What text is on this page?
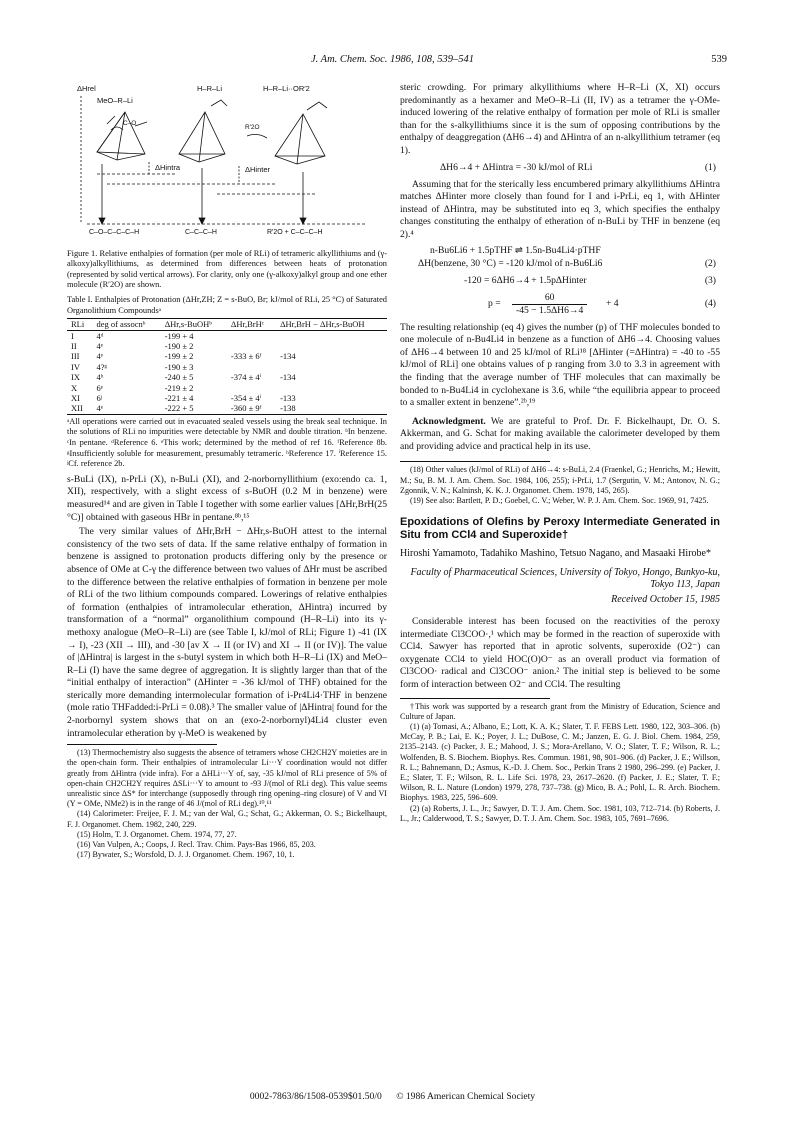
J. Am. Chem. Soc. 1986, 108, 539–541	539
ΔHrel
MeO–R–Li
H–R–Li	H–R–Li··OR′2
C–O
R′2O
ΔHintra	ΔHinter
C–O–C–C–C–H	C–C–C–H	R′2O + C–C–C–H

Figure 1. Relative enthalpies of formation (per mole of RLi) of tetrameric alkyllithiums and (γ-alkoxy)alkyllithiums, as determined from differences between heats of protonation (represented by solid vertical arrows). For clarity, only one (γ-alkoxy)alkyl group and one ether molecule (R′2O) are shown.

Table I. Enthalpies of Protonation (ΔHr,ZH; Z = s-BuO, Br; kJ/mol of RLi, 25 °C) of Saturated Organolithium Compoundsᵃ

RLi	deg of assocnᵇ	ΔHr,s-BuOHᵇ	ΔHr,BrHᶜ	ΔHr,BrH − ΔHr,s-BuOH
I	4ᵈ	-199 + 4		
II	4ᵉ	-190 ± 2		
III	4ᵉ	-199 ± 2	-333 ± 6ᶠ	-134
IV	4?ᵍ	-190 ± 3		
IX	4ʰ	-240 ± 5	-374 ± 4ⁱ	-134
X	6ᵉ	-219 ± 2		
XI	6ʲ	-221 ± 4	-354 ± 4ⁱ	-133
XII	4ᵉ	-222 + 5	-360 ± 9ᶠ	-138

ᵃAll operations were carried out in evacuated sealed vessels using the break seal technique. In the solutions of RLi no impurities were detectable by NMR and double titration. ᵇIn benzene. ᶜIn pentane. ᵈReference 6. ᵉThis work; determined by the method of ref 16. ᶠReference 8b. ᵍInsufficiently soluble for measurement, presumably tetrameric. ʰReference 17. ⁱReference 15. ʲCf. reference 2b.

s-BuLi (IX), n-PrLi (X), n-BuLi (XI), and 2-norbornyllithium (exo:endo ca. 1, XII), respectively, with a slight excess of s-BuOH (0.2 M in benzene) were measured¹⁴ and are given in Table I together with some earlier values [ΔHr,BrH(25 °C)] obtained with gaseous HBr in pentane.⁸ᵇ,¹⁵

The very similar values of ΔHr,BrH − ΔHr,s-BuOH attest to the internal consistency of the two sets of data. If the same relative enthalpy of formation in benzene is assigned to protonation products differing only by the presence or absence of OMe at C-γ the difference between two values of ΔHr must be ascribed to the difference between the relative enthalpies of formation in benzene per mole of RLi of the two lithium compounds compared. Lowerings of relative enthalpies of formation (enthalpies of intramolecular etheration, ΔHintra) incurred by transformation of a “normal” organolithium compound (H–R–Li) into its γ-methoxy analogue (MeO–R–Li) are (see Table I, kJ/mol of RLi; Figure 1) -41 (IX → I), -23 (XII → III), and -30 [av X → II (or IV) and XI → II (or IV)]. The value of |ΔHintra| is largest in the s-butyl system in which both H–R–Li (IX) and MeO–R–Li (I) have the same degree of aggregation. It is slightly larger than that of the “initial enthalpy of interaction” (ΔHinter = -36 kJ/mol of THF) obtained for the sterically more demanding intermolecular formation of i-Pr4Li4·THF in benzene (mole ratio THFadded:i-PrLi = 0.08).³ The smaller value of |ΔHintra| found for the 2-norbornyl system shows that on an (exo-2-norbornyl)4Li4 cluster even intramolecular etheration by γ-MeO is weakened by

(13) Thermochemistry also suggests the absence of tetramers whose CH2CH2Y moieties are in the open-chain form. Their enthalpies of intramolecular Li···Y coordination would not differ greatly from ΔHintra (vide infra). For a ΔHLi···Y of, say, -35 kJ/mol of RLi presence of 5% of open-chain CH2CH2Y requires ΔSLi···Y to amount to -93 J/(mol of RLi deg). This value seems unrealistic since ΔS* for interchange (supposedly through ring opening–ring closure) of V and VI (Y = OMe, NMe2) is in the range of 46 J/(mol of RLi deg).¹⁰,¹¹

(14) Calorimeter: Freijee, F. J. M.; van der Wal, G.; Schat, G.; Akkerman, O. S.; Bickelhaupt, F. J. Organomet. Chem. 1982, 240, 229.

(15) Holm, T. J. Organomet. Chem. 1974, 77, 27.

(16) Van Vulpen, A.; Coops, J. Recl. Trav. Chim. Pays-Bas 1966, 85, 203.

(17) Bywater, S.; Worsfold, D. J. J. Organomet. Chem. 1967, 10, 1.

steric crowding. For primary alkyllithiums where H–R–Li (X, XI) occurs predominantly as a hexamer and MeO–R–Li (II, IV) as a tetramer the γ-OMe-induced lowering of the relative enthalpy of formation per mole of RLi is smaller than for the s-alkyllithiums since it is the sum of opposing contributions by the enthalpy of deaggregation (ΔH6→4) and ΔHintra of an n-alkyllithium tetramer (eq 1).

ΔH6→4 + ΔHintra = -30 kJ/mol of RLi	(1)

Assuming that for the sterically less encumbered primary alkyllithiums ΔHintra matches ΔHinter more closely than found for I and i-PrLi, eq 1, with ΔHinter instead of ΔHintra, may be substituted into eq 3, which specifies the enthalpy changes constituting the enthalpy of etheration of n-BuLi by THF in benzene (eq 2).⁴

n-Bu6Li6 + 1.5pTHF ⇌ 1.5n-Bu4Li4·pTHF
ΔH(benzene, 30 °C) = -120 kJ/mol of n-Bu6Li6	(2)
-120 = 6ΔH6→4 + 1.5pΔHinter	(3)
$p = \frac{60}{-45 - 1.5\Delta H6\to 4} + 4$	(4)

The resulting relationship (eq 4) gives the number (p) of THF molecules bonded to one molecule of n-Bu4Li4 in benzene as a function of ΔH6→4. Choosing values of ΔH6→4 between 10 and 25 kJ/mol of RLi¹⁸ [ΔHinter (=ΔHintra) = -40 to -55 kJ/mol of RLi] one obtains values of p ranging from 3.0 to 3.3 in agreement with the finding that the average number of THF molecules that can maximally be bonded to n-Bu4Li4 in cyclohexane is 3.6, while “the equilibria appear to proceed to a smaller extent in benzene”.²ᵇ,¹⁹

Acknowledgment. We are grateful to Prof. Dr. F. Bickelhaupt, Dr. O. S. Akkerman, and G. Schat for making available the calorimeter developed by them and providing advice and practical help in its use.

(18) Other values (kJ/mol of RLi) of ΔH6→4: s-BuLi, 2.4 (Fraenkel, G.; Henrichs, M.; Hewitt, M.; Su, B. M. J. Am. Chem. Soc. 1984, 106, 255); i-PrLi, 1.7 (Sergutin, V. M.; Antonov, N. G.; Zgonnik, V. N.; Kalninsh, K. K. J. Organomet. Chem. 1978, 145, 265).

(19) See also: Bartlett, P. D.; Goebel, C. V.; Weber, W. P. J. Am. Chem. Soc. 1969, 91, 7425.

Epoxidations of Olefins by Peroxy Intermediate Generated in Situ from CCl4 and Superoxide†
Hiroshi Yamamoto, Tadahiko Mashino, Tetsuo Nagano, and Masaaki Hirobe*
Faculty of Pharmaceutical Sciences, University of Tokyo, Hongo, Bunkyo-ku, Tokyo 113, Japan
Received October 15, 1985

Considerable interest has been focused on the reactivities of the peroxy intermediate Cl3COO·,¹ which may be formed in the reaction of superoxide with CCl4. Sawyer has reported that in aprotic solvents, superoxide (O2⁻) can oxygenate CCl4 to yield HOC(O)O⁻ as an overall product via formation of Cl3COO· radical and Cl3COO⁻ anion.² The initial step is believed to be some form of interaction between O2⁻ and CCl4. The resulting

†This work was supported by a research grant from the Ministry of Education, Science and Culture of Japan.

(1) (a) Tomasi, A.; Albano, E.; Lott, K. A. K.; Slater, T. F. FEBS Lett. 1980, 122, 303–306. (b) McCay, P. B.; Lai, E. K.; Poyer, J. L.; DuBose, C. M.; Janzen, E. G. J. Biol. Chem. 1984, 259, 2135–2143. (c) Packer, J. E.; Mahood, J. S.; Mora-Arellano, V. O.; Slater, T. F.; Wilson, R. L.; Wolfenden, B. S. Biochem. Biophys. Res. Commun. 1981, 98, 901–906. (d) Packer, J. E.; Willson, R. L.; Bahnemann, D.; Asmus, K.-D. J. Chem. Soc., Perkin Trans 2 1980, 296–299. (e) Packer, J. E.; Slater, T. F.; Wilson, R. L. Life Sci. 1978, 23, 2617–2620. (f) Packer, J. E.; Slater, T. F.; Wilson, R. L. Nature (London) 1979, 278, 737–738. (g) Mico, B. A.; Pohl, L. R. Arch. Biochem. Biophys. 1983, 225, 596–609.

(2) (a) Roberts, J. L., Jr.; Sawyer, D. T. J. Am. Chem. Soc. 1981, 103, 712–714. (b) Roberts, J. L., Jr.; Calderwood, T. S.; Sawyer, D. T. J. Am. Chem. Soc. 1983, 105, 7691–7696.

0002-7863/86/1508-0539$01.50/0 © 1986 American Chemical Society
